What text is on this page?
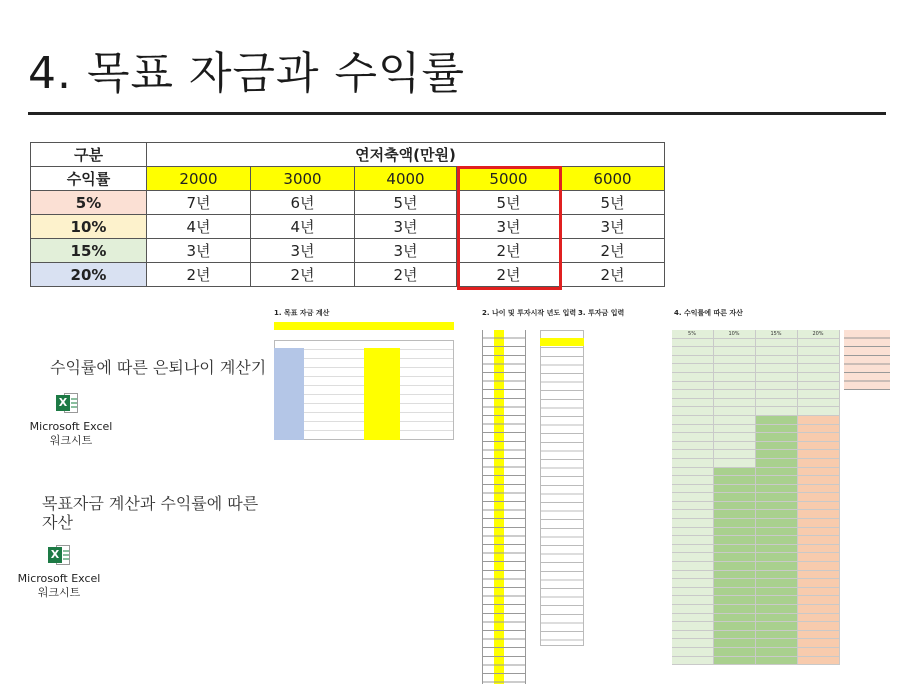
4. 목표 자금과 수익률
구분	연저축액(만원)				
수익률	2000	3000	4000	5000	6000
5%	7년	6년	5년	5년	5년
10%	4년	4년	3년	3년	3년
15%	3년	3년	3년	2년	2년
20%	2년	2년	2년	2년	2년
수익률에 따른 은퇴나이 계산기
X
Microsoft Excel
워크시트
목표자금 계산과 수익률에 따른 자산
X
Microsoft Excel
워크시트
1. 목표 자금 계산	2. 나이 및 투자시작 년도 입력 3. 투자금 입력	4. 수익률에 따른 자산
5%	10%	15%	20%
